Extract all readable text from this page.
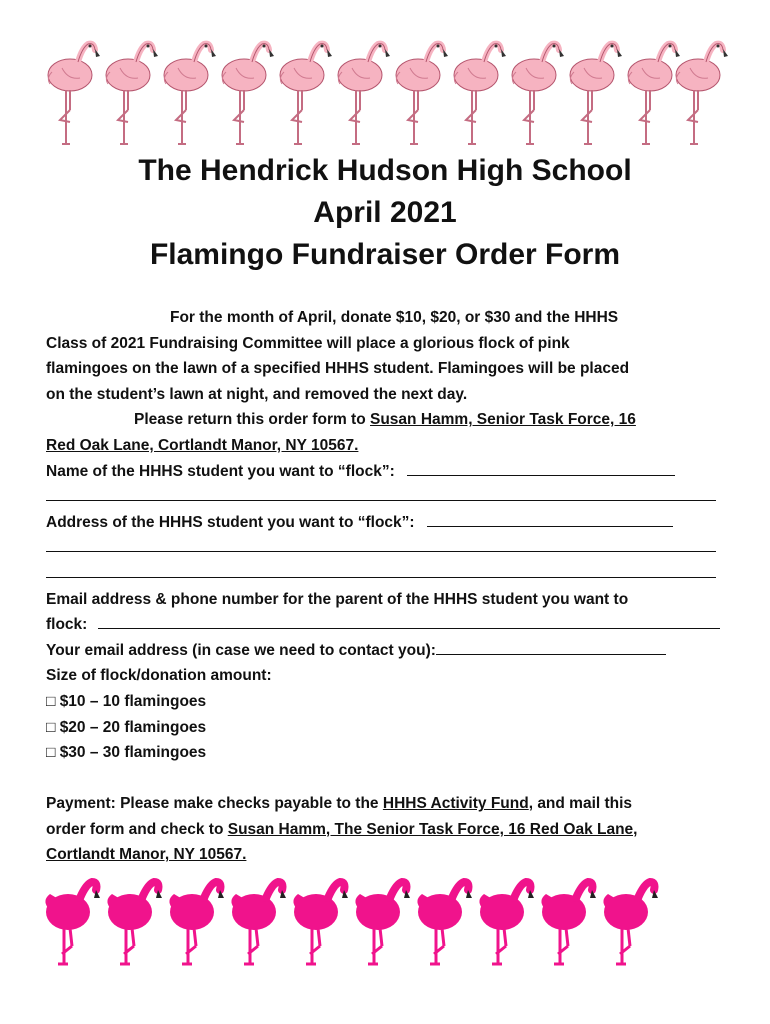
The Hendrick Hudson High School
April 2021
Flamingo Fundraiser Order Form
For the month of April, donate $10, $20, or $30 and the HHHS
Class of 2021 Fundraising Committee will place a glorious flock of pink
flamingoes on the lawn of a specified HHHS student. Flamingoes will be placed
on the student’s lawn at night, and removed the next day.
Please return this order form to Susan Hamm, Senior Task Force, 16
Red Oak Lane, Cortlandt Manor, NY 10567.
Name of the HHHS student you want to “flock”:
Address of the HHHS student you want to “flock”:
Email address & phone number for the parent of the HHHS student you want to
flock:
Your email address (in case we need to contact you):
Size of flock/donation amount:
□ $10 – 10 flamingoes
□ $20 – 20 flamingoes
□ $30 – 30 flamingoes
Payment: Please make checks payable to the HHHS Activity Fund, and mail this
order form and check to Susan Hamm, The Senior Task Force, 16 Red Oak Lane,
Cortlandt Manor, NY 10567.
